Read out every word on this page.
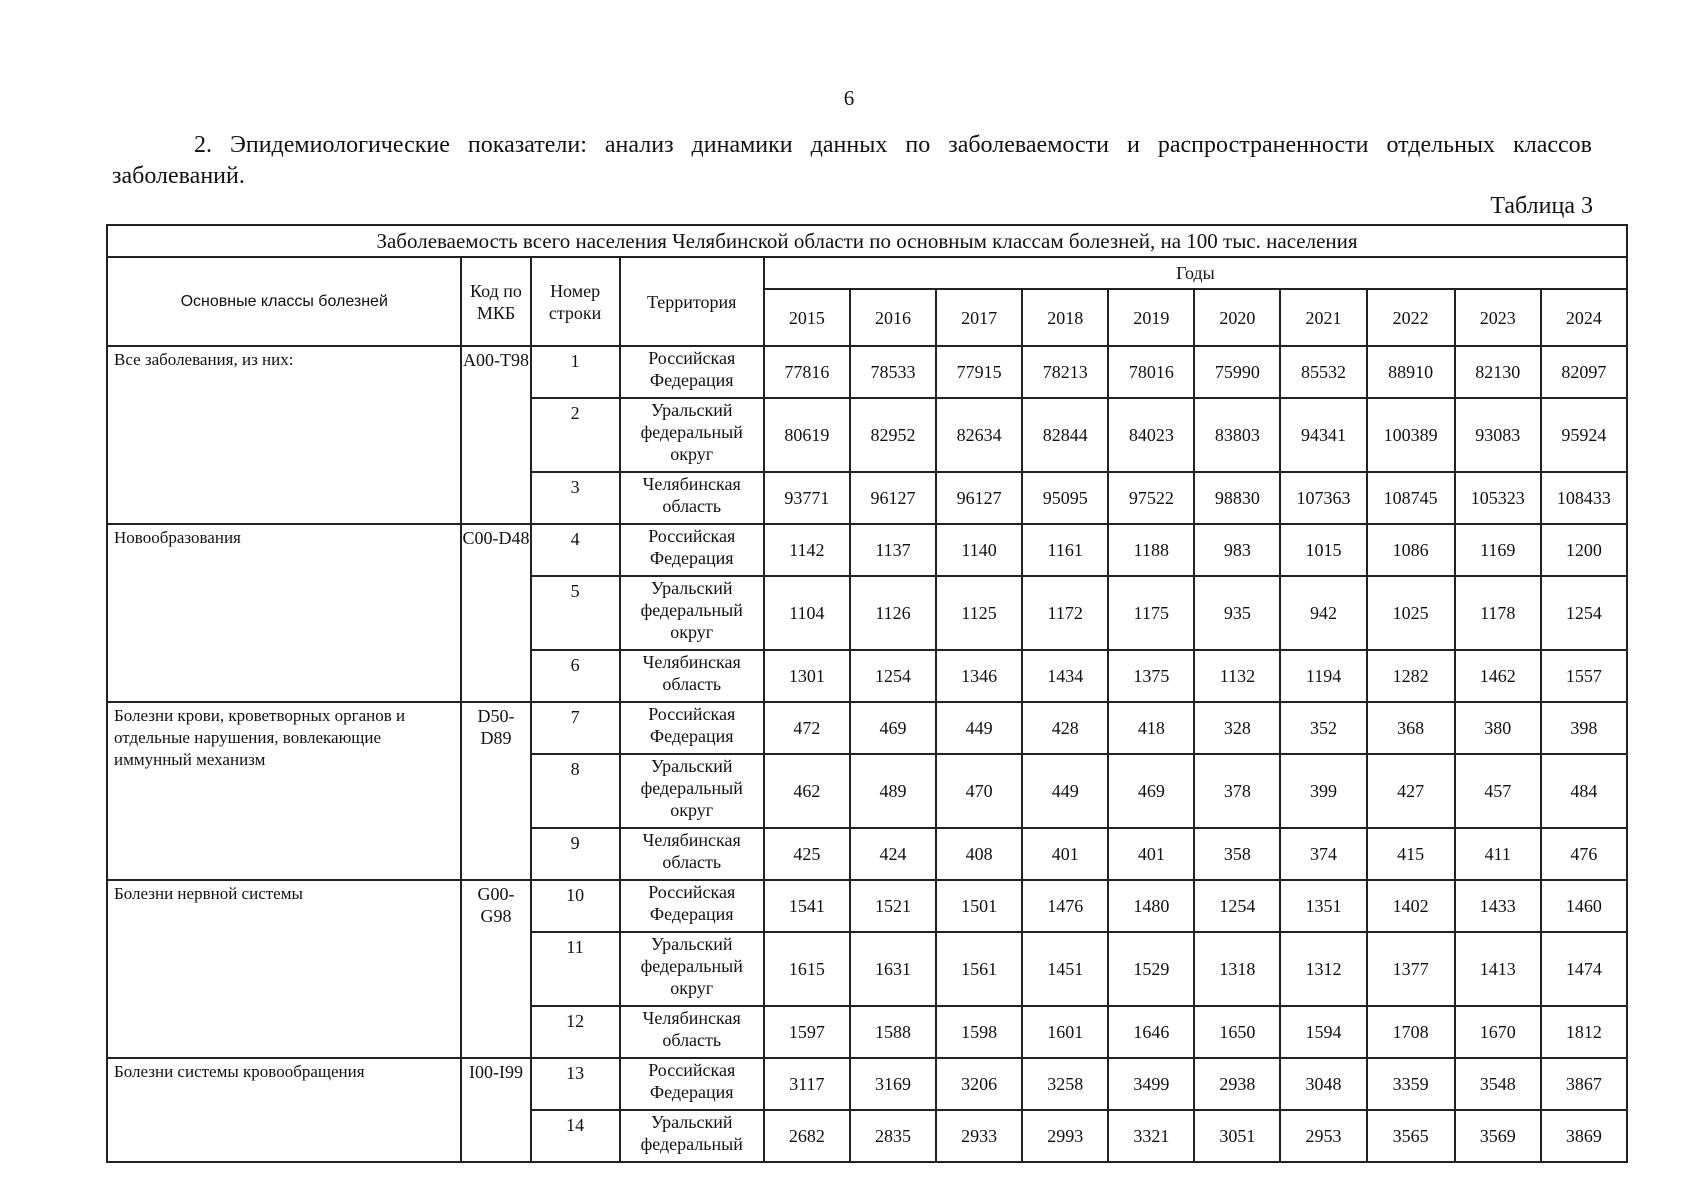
6
2. Эпидемиологические показатели: анализ динамики данных по заболеваемости и распространенности отдельных классов заболеваний.
Таблица 3
Заболеваемость всего населения Челябинской области по основным классам болезней, на 100 тыс. населения													
Основные классы болезней	Код по МКБ	Номер строки	Территория	Годы									
				2015	2016	2017	2018	2019	2020	2021	2022	2023	2024
Все заболевания, из них:	A00-T98	1	Российская Федерация	77816	78533	77915	78213	78016	75990	85532	88910	82130	82097
		2	Уральский федеральный округ	80619	82952	82634	82844	84023	83803	94341	100389	93083	95924
		3	Челябинская область	93771	96127	96127	95095	97522	98830	107363	108745	105323	108433
Новообразования	C00-D48	4	Российская Федерация	1142	1137	1140	1161	1188	983	1015	1086	1169	1200
		5	Уральский федеральный округ	1104	1126	1125	1172	1175	935	942	1025	1178	1254
		6	Челябинская область	1301	1254	1346	1434	1375	1132	1194	1282	1462	1557
Болезни крови, кроветворных органов и отдельные нарушения, вовлекающие иммунный механизм	D50-D89	7	Российская Федерация	472	469	449	428	418	328	352	368	380	398
		8	Уральский федеральный округ	462	489	470	449	469	378	399	427	457	484
		9	Челябинская область	425	424	408	401	401	358	374	415	411	476
Болезни нервной системы	G00-G98	10	Российская Федерация	1541	1521	1501	1476	1480	1254	1351	1402	1433	1460
		11	Уральский федеральный округ	1615	1631	1561	1451	1529	1318	1312	1377	1413	1474
		12	Челябинская область	1597	1588	1598	1601	1646	1650	1594	1708	1670	1812
Болезни системы кровообращения	I00-I99	13	Российская Федерация	3117	3169	3206	3258	3499	2938	3048	3359	3548	3867
		14	Уральский федеральный	2682	2835	2933	2993	3321	3051	2953	3565	3569	3869
